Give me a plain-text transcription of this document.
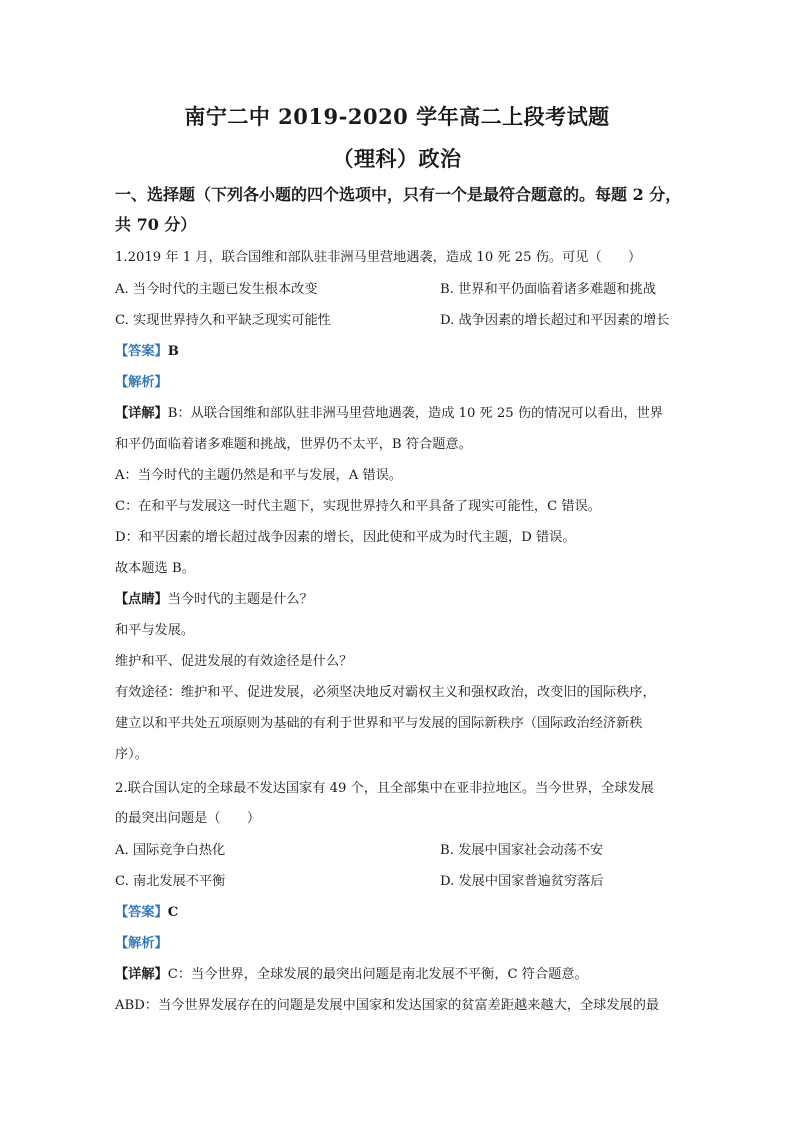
南宁二中 2019-2020 学年高二上段考试题
（理科）政治
一、选择题（下列各小题的四个选项中，只有一个是最符合题意的。每题 2 分，
共 70 分）
1.2019 年 1 月，联合国维和部队驻非洲马里营地遇袭，造成 10 死 25 伤。可见（　　）
A. 当今时代的主题已发生根本改变	B. 世界和平仍面临着诸多难题和挑战
C. 实现世界持久和平缺乏现实可能性	D. 战争因素的增长超过和平因素的增长
【答案】B
【解析】
【详解】B：从联合国维和部队驻非洲马里营地遇袭，造成 10 死 25 伤的情况可以看出，世界
和平仍面临着诸多难题和挑战，世界仍不太平，B 符合题意。
A：当今时代的主题仍然是和平与发展，A 错误。
C：在和平与发展这一时代主题下，实现世界持久和平具备了现实可能性，C 错误。
D：和平因素的增长超过战争因素的增长，因此使和平成为时代主题，D 错误。
故本题选 B。
【点睛】当今时代的主题是什么？
和平与发展。
维护和平、促进发展的有效途径是什么？
有效途径：维护和平、促进发展，必须坚决地反对霸权主义和强权政治，改变旧的国际秩序，
建立以和平共处五项原则为基础的有利于世界和平与发展的国际新秩序（国际政治经济新秩
序）。
2.联合国认定的全球最不发达国家有 49 个，且全部集中在亚非拉地区。当今世界，全球发展
的最突出问题是（　　）
A. 国际竞争白热化	B. 发展中国家社会动荡不安
C. 南北发展不平衡	D. 发展中国家普遍贫穷落后
【答案】C
【解析】
【详解】C：当今世界，全球发展的最突出问题是南北发展不平衡，C 符合题意。
ABD：当今世界发展存在的问题是发展中国家和发达国家的贫富差距越来越大，全球发展的最
